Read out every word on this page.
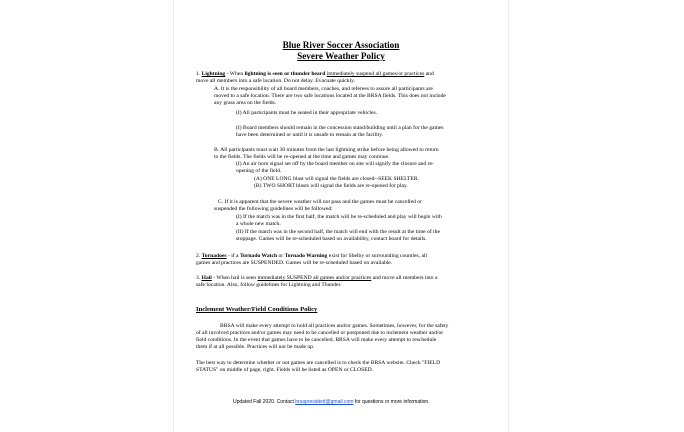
Blue River Soccer Association
Severe Weather Policy
1. Lightning - When lightning is seen or thunder heard immediately suspend all games/or practices and
move all members into a safe location. Do not delay. Evacuate quickly.
A. It is the responsibility of all board members, coaches, and referees to assure all participants are
moved to a safe location. There are two safe locations located at the BRSA fields. This does not include
any grass area on the fields.
(I) All participants must be seated in their appropriate vehicles.
(I) Board members should remain in the concession stand/building until a plan for the games
have been determined or until it is unsafe to remain at the facility.
B. All participants must wait 30 minutes from the last lightning strike before being allowed to return
to the fields. The fields will be re-opened at the time and games may continue.
(I) An air horn signal set off by the board member on site will signify the closure and re-
opening of the field.
(A) ONE LONG blast will signal the fields are closed--SEEK SHELTER.
(B) TWO SHORT blasts will signal the fields are re-opened for play.
C. If it is apparent that the severe weather will not pass and the games must be cancelled or
suspended the following guidelines will be followed:
(I) If the match was in the first half, the match will be re-scheduled and play will begin with
a whole new match.
(II) If the match was in the second half, the match will end with the result at the time of the
stoppage. Games will be re-scheduled based on availability, contact board for details.
2. Tornadoes - if a Tornado Watch or Tornado Warning exist for Shelby or surrounding counties, all
games and practices are SUSPENDED. Games will be re-scheduled based on available.
3. Hail - When hail is seen immediately SUSPEND all games and/or practices and move all members into a
safe location. Also, follow guidelines for Lightning and Thunder.
Inclement Weather/Field Conditions Policy
BRSA will make every attempt to hold all practices and/or games. Sometimes, however, for the safety
of all involved practices and/or games may need to be cancelled or postponed due to inclement weather and/or
field conditions. In the event that games have to be cancelled, BRSA will make every attempt to reschedule
them if at all possible. Practices will not be made up.
The best way to determine whether or not games are cancelled is to check the BRSA website. Check "FIELD
STATUS" on middle of page, right. Fields will be listed as OPEN or CLOSED.
Updated Fall 2020. Contact brsapresident@gmail.com for questions or more information.
